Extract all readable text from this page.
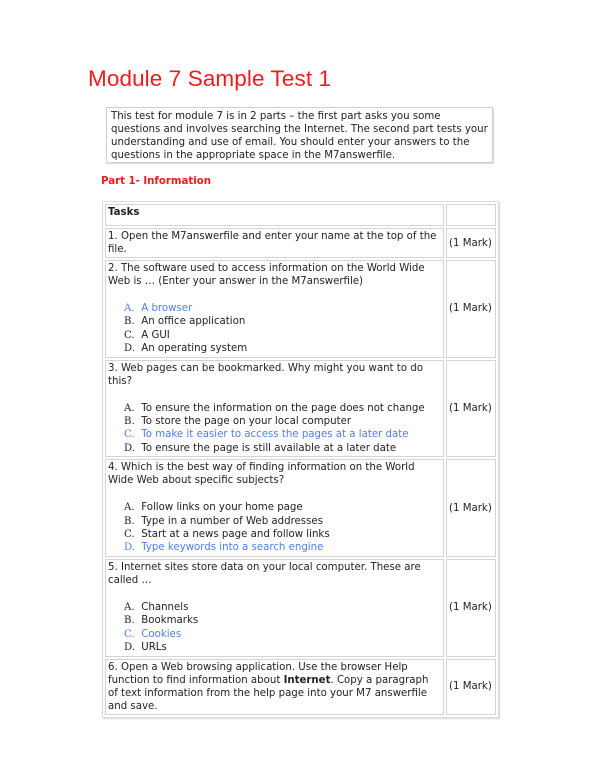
Module 7 Sample Test 1
This test for module 7 is in 2 parts – the first part asks you some questions and involves searching the Internet. The second part tests your understanding and use of email. You should enter your answers to the questions in the appropriate space in the M7answerfile.
Part 1- Information
Tasks	
1. Open the M7answerfile and enter your name at the top of the file.	(1 Mark)

2. The software used to access information on the World Wide Web is … (Enter your answer in the M7answerfile)
A. A browser
B. An office application
C. A GUI
D. An operating system
	(1 Mark)

3. Web pages can be bookmarked. Why might you want to do this?
A. To ensure the information on the page does not change
B. To store the page on your local computer
C. To make it easier to access the pages at a later date
D. To ensure the page is still available at a later date
	(1 Mark)

4. Which is the best way of finding information on the World Wide Web about specific subjects?
A. Follow links on your home page
B. Type in a number of Web addresses
C. Start at a news page and follow links
D. Type keywords into a search engine
	(1 Mark)

5. Internet sites store data on your local computer. These are called …
A. Channels
B. Bookmarks
C. Cookies
D. URLs
	(1 Mark)
6. Open a Web browsing application. Use the browser Help function to find information about Internet. Copy a paragraph of text information from the help page into your M7 answerfile and save.	(1 Mark)
